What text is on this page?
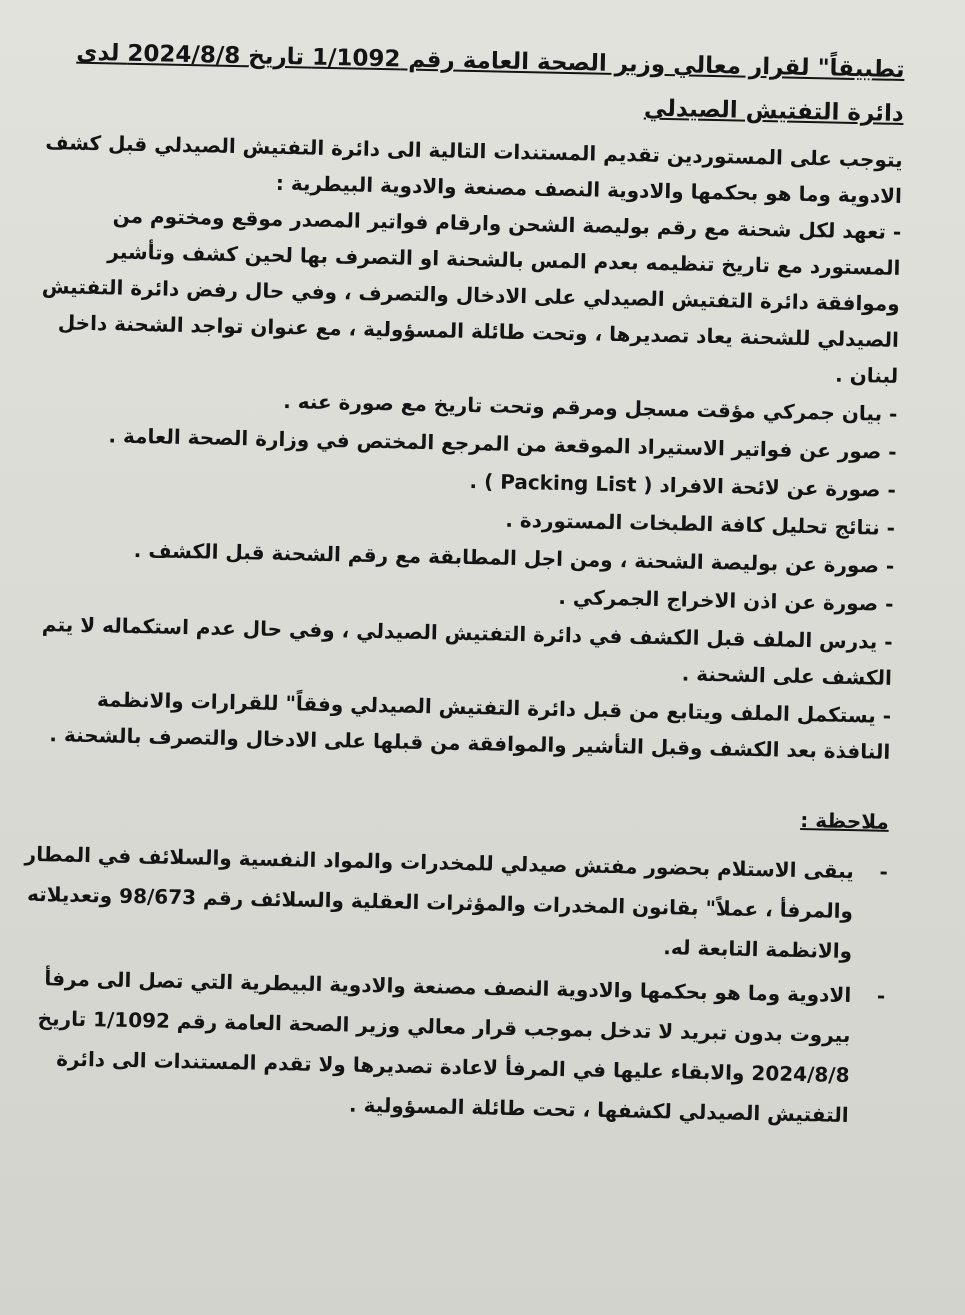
تطبيقاً" لقرار معالي وزير الصحة العامة رقم 1/1092 تاريخ 2024/8/8 لدى
دائرة التفتيش الصيدلي

يتوجب على المستوردين تقديم المستندات التالية الى دائرة التفتيش الصيدلي قبل كشف الادوية وما هو بحكمها والادوية النصف مصنعة والادوية البيطرية :

- تعهد لكل شحنة مع رقم بوليصة الشحن وارقام فواتير المصدر موقع ومختوم من المستورد مع تاريخ تنظيمه بعدم المس بالشحنة او التصرف بها لحين كشف وتأشير وموافقة دائرة التفتيش الصيدلي على الادخال والتصرف ، وفي حال رفض دائرة التفتيش الصيدلي للشحنة يعاد تصديرها ، وتحت طائلة المسؤولية ، مع عنوان تواجد الشحنة داخل لبنان .
- بيان جمركي مؤقت مسجل ومرقم وتحت تاريخ مع صورة عنه .
- صور عن فواتير الاستيراد الموقعة من المرجع المختص في وزارة الصحة العامة .
- صورة عن لائحة الافراد ( Packing List ) .
- نتائج تحليل كافة الطبخات المستوردة .
- صورة عن بوليصة الشحنة ، ومن اجل المطابقة مع رقم الشحنة قبل الكشف .
- صورة عن اذن الاخراج الجمركي .
- يدرس الملف قبل الكشف في دائرة التفتيش الصيدلي ، وفي حال عدم استكماله لا يتم الكشف على الشحنة .
- يستكمل الملف ويتابع من قبل دائرة التفتيش الصيدلي وفقاً" للقرارات والانظمة النافذة بعد الكشف وقبل التأشير والموافقة من قبلها على الادخال والتصرف بالشحنة .
ملاحظة :
-
يبقى الاستلام بحضور مفتش صيدلي للمخدرات والمواد النفسية والسلائف في المطار والمرفأ ، عملاً" بقانون المخدرات والمؤثرات العقلية والسلائف رقم 98/673 وتعديلاته والانظمة التابعة له.
-
الادوية وما هو بحكمها والادوية النصف مصنعة والادوية البيطرية التي تصل الى مرفأ بيروت بدون تبريد لا تدخل بموجب قرار معالي وزير الصحة العامة رقم 1/1092 تاريخ 2024/8/8 والابقاء عليها في المرفأ لاعادة تصديرها ولا تقدم المستندات الى دائرة التفتيش الصيدلي لكشفها ، تحت طائلة المسؤولية .
